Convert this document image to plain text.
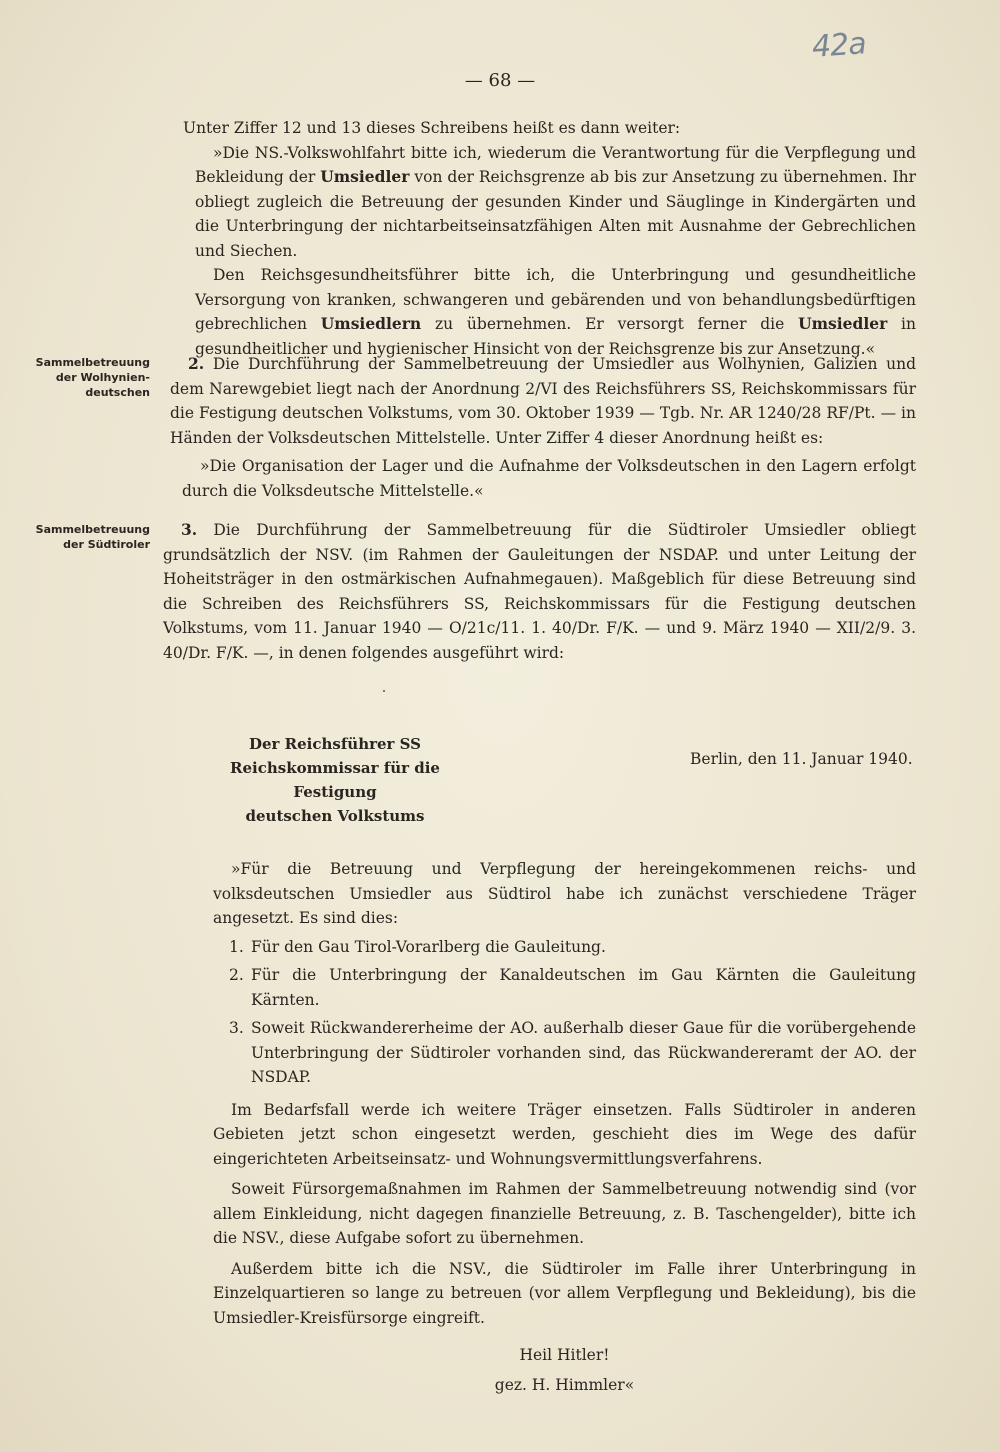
42a
— 68 —

Unter Ziffer 12 und 13 dieses Schreibens heißt es dann weiter:

»Die NS.-Volkswohlfahrt bitte ich, wiederum die Verantwortung für die Verpflegung und Bekleidung der Umsiedler von der Reichsgrenze ab bis zur Ansetzung zu übernehmen. Ihr obliegt zugleich die Betreuung der gesunden Kinder und Säuglinge in Kindergärten und die Unterbringung der nichtarbeitseinsatzfähigen Alten mit Ausnahme der Gebrechlichen und Siechen.

Den Reichsgesundheitsführer bitte ich, die Unterbringung und gesundheitliche Versorgung von kranken, schwangeren und gebärenden und von behandlungsbedürftigen gebrechlichen Umsiedlern zu übernehmen. Er versorgt ferner die Umsiedler in gesundheitlicher und hygienischer Hinsicht von der Reichsgrenze bis zur Ansetzung.«

Sammelbetreuung
der Wolhynien-
deutschen

2. Die Durchführung der Sammelbetreuung der Umsiedler aus Wolhynien, Galizien und dem Narewgebiet liegt nach der Anordnung 2/VI des Reichsführers SS, Reichskommissars für die Festigung deutschen Volkstums, vom 30. Oktober 1939 — Tgb. Nr. AR 1240/28 RF/Pt. — in Händen der Volksdeutschen Mittelstelle. Unter Ziffer 4 dieser Anordnung heißt es:

»Die Organisation der Lager und die Aufnahme der Volksdeutschen in den Lagern erfolgt durch die Volksdeutsche Mittelstelle.«

Sammelbetreuung
der Südtiroler

3. Die Durchführung der Sammelbetreuung für die Südtiroler Umsiedler obliegt grundsätzlich der NSV. (im Rahmen der Gauleitungen der NSDAP. und unter Leitung der Hoheitsträger in den ostmärkischen Aufnahmegauen). Maßgeblich für diese Betreuung sind die Schreiben des Reichsführers SS, Reichskommissars für die Festigung deutschen Volkstums, vom 11. Januar 1940 — O/21c/11. 1. 40/Dr. F/K. — und 9. März 1940 — XII/2/9. 3. 40/Dr. F/K. —, in denen folgendes ausgeführt wird:

Der Reichsführer SS
Reichskommissar für die Festigung
deutschen Volkstums
Berlin, den 11. Januar 1940.

»Für die Betreuung und Verpflegung der hereingekommenen reichs- und volksdeutschen Umsiedler aus Südtirol habe ich zunächst verschiedene Träger angesetzt. Es sind dies:

1. Für den Gau Tirol-Vorarlberg die Gauleitung.
2. Für die Unterbringung der Kanaldeutschen im Gau Kärnten die Gauleitung Kärnten.
3. Soweit Rückwandererheime der AO. außerhalb dieser Gaue für die vorübergehende Unterbringung der Südtiroler vorhanden sind, das Rückwandereramt der AO. der NSDAP.

Im Bedarfsfall werde ich weitere Träger einsetzen. Falls Südtiroler in anderen Gebieten jetzt schon eingesetzt werden, geschieht dies im Wege des dafür eingerichteten Arbeitseinsatz- und Wohnungsvermittlungsverfahrens.

Soweit Fürsorgemaßnahmen im Rahmen der Sammelbetreuung notwendig sind (vor allem Einkleidung, nicht dagegen finanzielle Betreuung, z. B. Taschengelder), bitte ich die NSV., diese Aufgabe sofort zu übernehmen.

Außerdem bitte ich die NSV., die Südtiroler im Falle ihrer Unterbringung in Einzelquartieren so lange zu betreuen (vor allem Verpflegung und Bekleidung), bis die Umsiedler-Kreisfürsorge eingreift.

Heil Hitler!
gez. H. Himmler«
